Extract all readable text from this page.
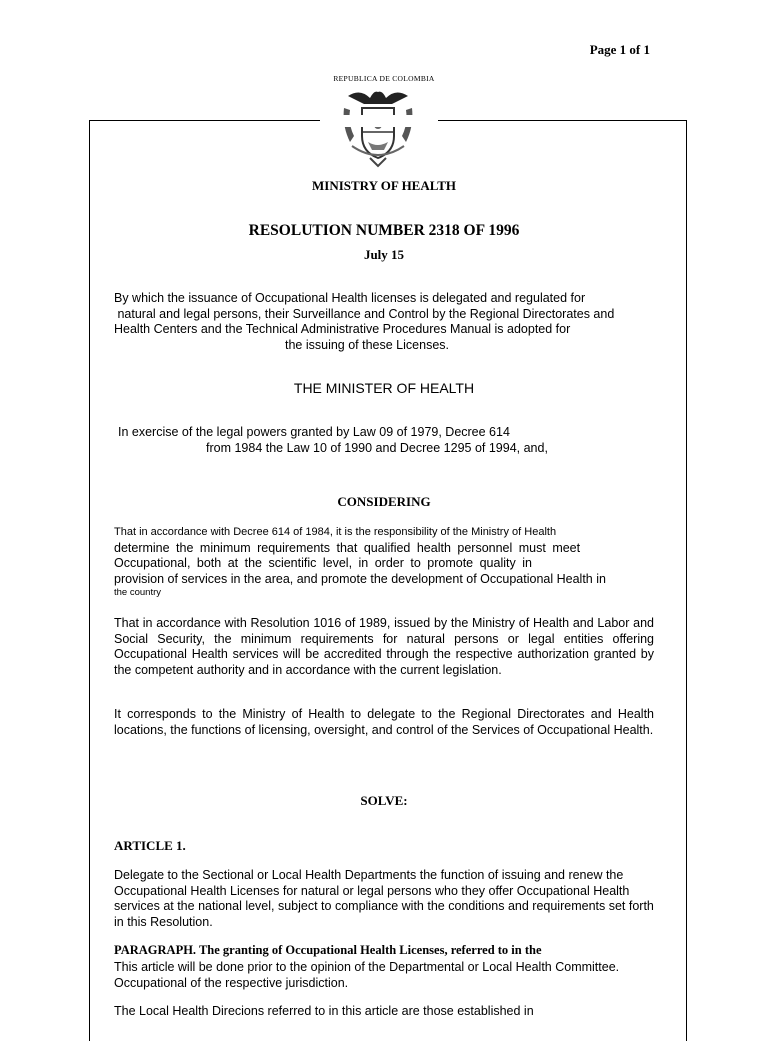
Page 1 of 1
REPUBLICA DE COLOMBIA
MINISTRY OF HEALTH
RESOLUTION NUMBER 2318 OF 1996
July 15
By which the issuance of Occupational Health licenses is delegated and regulated for
natural and legal persons, their Surveillance and Control by the Regional Directorates and
Health Centers and the Technical Administrative Procedures Manual is adopted for
the issuing of these Licenses.
THE MINISTER OF HEALTH
In exercise of the legal powers granted by Law 09 of 1979, Decree 614
from 1984 the Law 10 of 1990 and Decree 1295 of 1994, and,
CONSIDERING
That in accordance with Decree 614 of 1984, it is the responsibility of the Ministry of Health
determine the minimum requirements that qualified health personnel must meet
Occupational, both at the scientific level, in order to promote quality in
provision of services in the area, and promote the development of Occupational Health in
the country
That in accordance with Resolution 1016 of 1989, issued by the Ministry of Health and Labor and Social Security, the minimum requirements for natural persons or legal entities offering Occupational Health services will be accredited through the respective authorization granted by the competent authority and in accordance with the current legislation.
It corresponds to the Ministry of Health to delegate to the Regional Directorates and Health locations, the functions of licensing, oversight, and control of the Services of Occupational Health.
SOLVE:
ARTICLE 1.
Delegate to the Sectional or Local Health Departments the function of issuing and renew the Occupational Health Licenses for natural or legal persons who they offer Occupational Health services at the national level, subject to compliance with the conditions and requirements set forth in this Resolution.
PARAGRAPH. The granting of Occupational Health Licenses, referred to in the
This article will be done prior to the opinion of the Departmental or Local Health Committee.
Occupational of the respective jurisdiction.
The Local Health Direcions referred to in this article are those established in
